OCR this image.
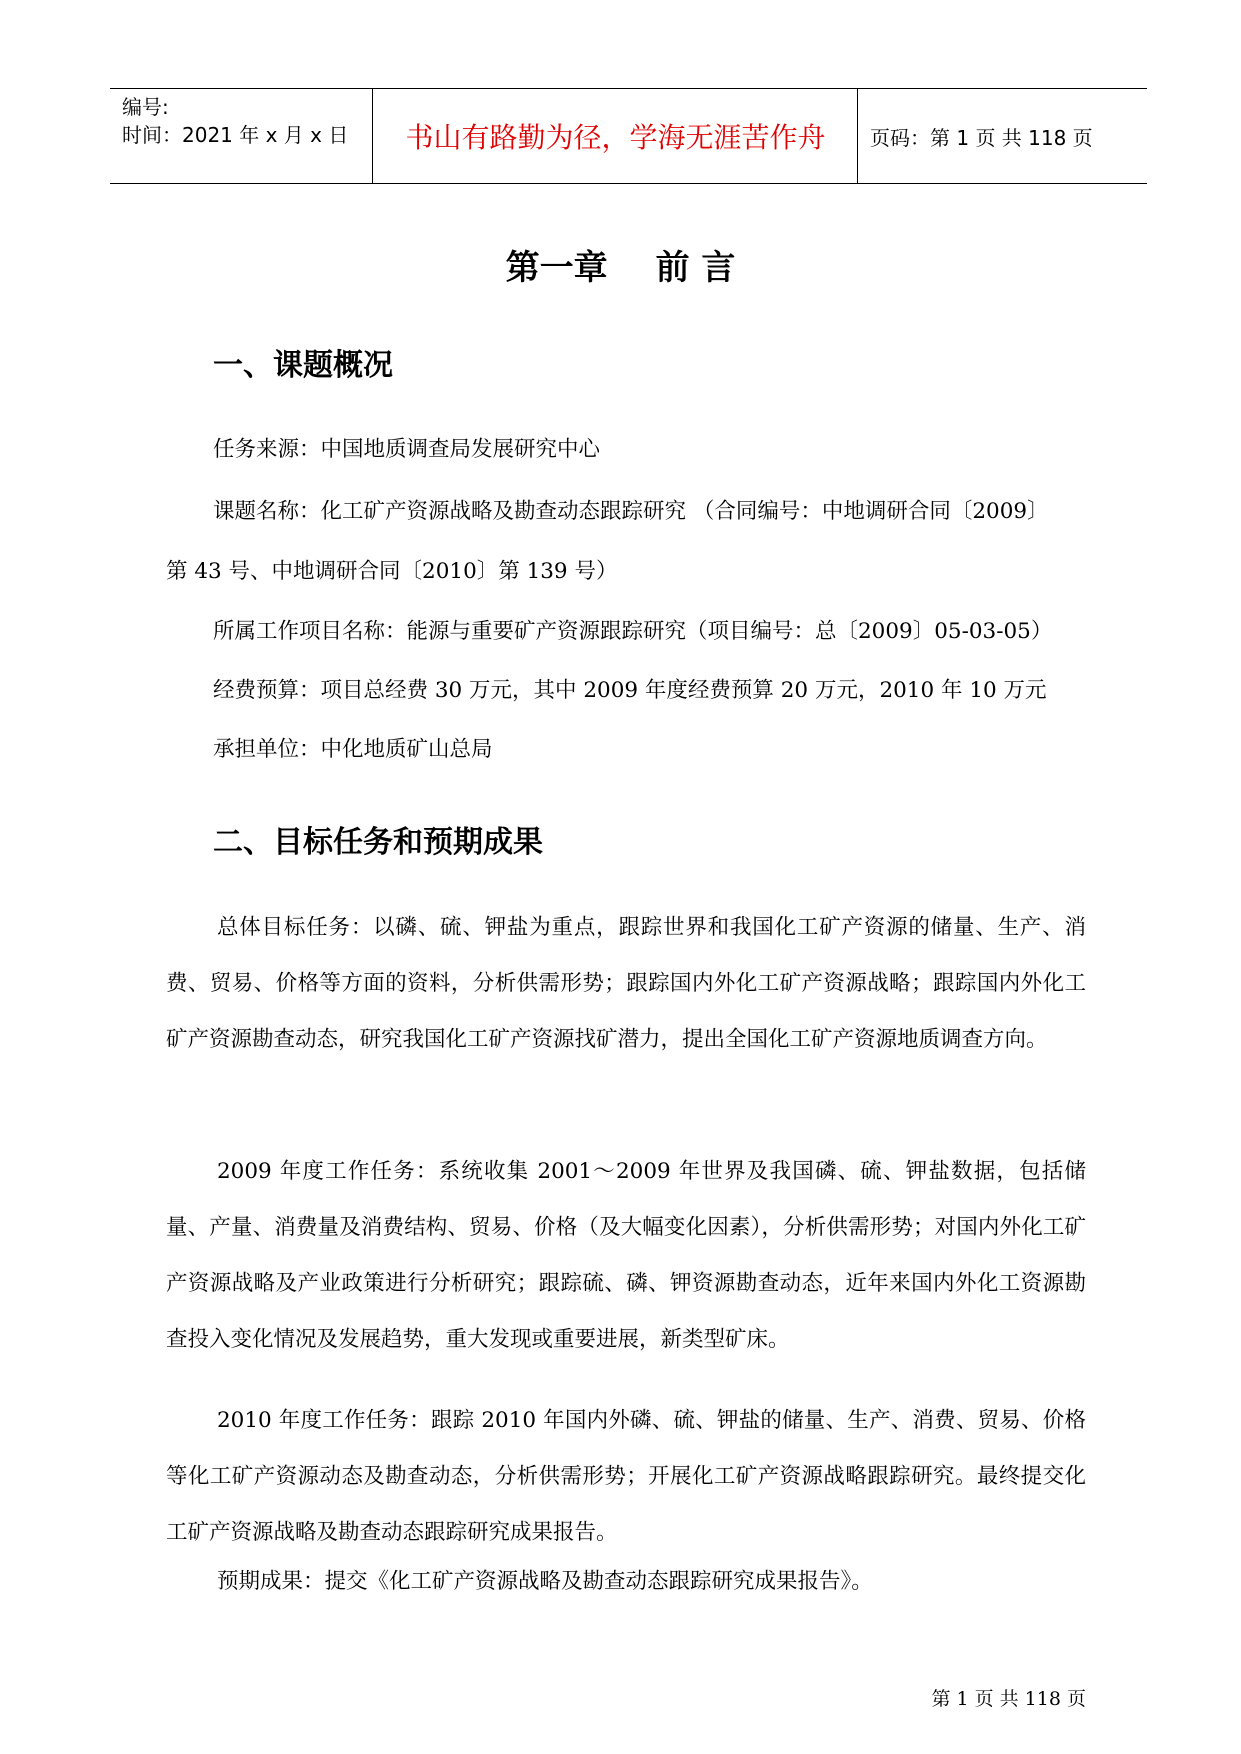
编号:
时间：2021 年 x 月 x 日	书山有路勤为径，学海无涯苦作舟	页码：第 1 页 共 118 页
第一章 前 言
一、课题概况
任务来源：中国地质调查局发展研究中心
课题名称：化工矿产资源战略及勘查动态跟踪研究 （合同编号：中地调研合同〔2009〕
第 43 号、中地调研合同〔2010〕第 139 号）
所属工作项目名称：能源与重要矿产资源跟踪研究（项目编号：总〔2009〕05-03-05）
经费预算：项目总经费 30 万元，其中 2009 年度经费预算 20 万元，2010 年 10 万元
承担单位：中化地质矿山总局
二、目标任务和预期成果
总体目标任务：以磷、硫、钾盐为重点，跟踪世界和我国化工矿产资源的储量、生产、消费、贸易、价格等方面的资料，分析供需形势；跟踪国内外化工矿产资源战略；跟踪国内外化工矿产资源勘查动态，研究我国化工矿产资源找矿潜力，提出全国化工矿产资源地质调查方向。
2009 年度工作任务：系统收集 2001～2009 年世界及我国磷、硫、钾盐数据，包括储量、产量、消费量及消费结构、贸易、价格（及大幅变化因素），分析供需形势；对国内外化工矿产资源战略及产业政策进行分析研究；跟踪硫、磷、钾资源勘查动态，近年来国内外化工资源勘查投入变化情况及发展趋势，重大发现或重要进展，新类型矿床。
2010 年度工作任务：跟踪 2010 年国内外磷、硫、钾盐的储量、生产、消费、贸易、价格等化工矿产资源动态及勘查动态，分析供需形势；开展化工矿产资源战略跟踪研究。最终提交化工矿产资源战略及勘查动态跟踪研究成果报告。
预期成果：提交《化工矿产资源战略及勘查动态跟踪研究成果报告》。
第 1 页 共 118 页
